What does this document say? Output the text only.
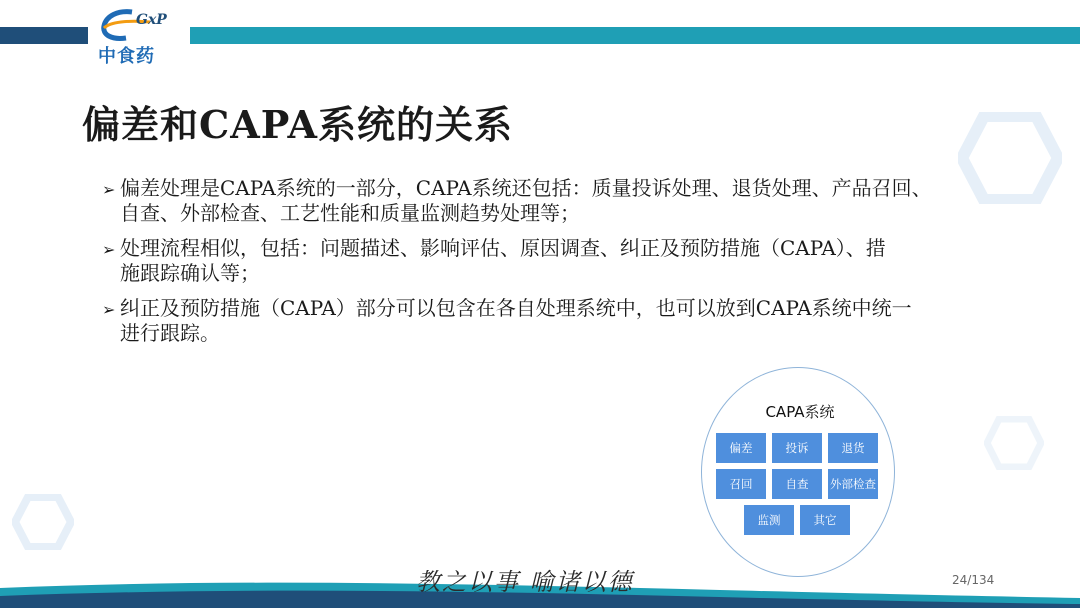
GxP
中食药
偏差和CAPA系统的关系
➢ 偏差处理是CAPA系统的一部分，CAPA系统还包括：质量投诉处理、退货处理、产品召回、
自查、外部检查、工艺性能和质量监测趋势处理等；
➢ 处理流程相似，包括：问题描述、影响评估、原因调查、纠正及预防措施（CAPA）、措
施跟踪确认等；
➢ 纠正及预防措施（CAPA）部分可以包含在各自处理系统中，也可以放到CAPA系统中统一
进行跟踪。
CAPA系统
偏差	投诉	退货
召回	自查	外部检查
监测	其它
教之以事 喻诸以德	24/134
